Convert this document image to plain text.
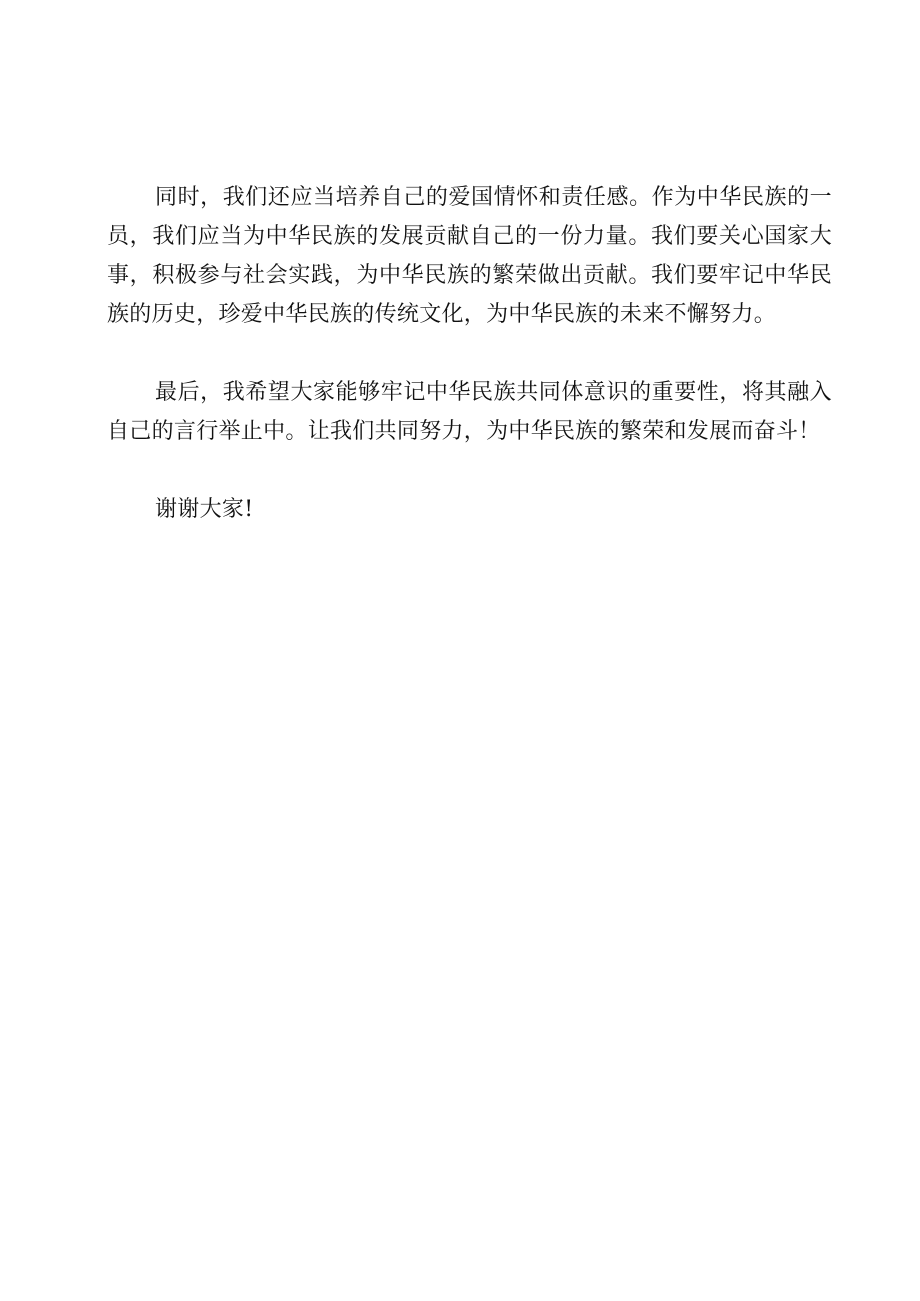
同时，我们还应当培养自己的爱国情怀和责任感。作为中华民族的一员，我们应当为中华民族的发展贡献自己的一份力量。我们要关心国家大事，积极参与社会实践，为中华民族的繁荣做出贡献。我们要牢记中华民族的历史，珍爱中华民族的传统文化，为中华民族的未来不懈努力。

最后，我希望大家能够牢记中华民族共同体意识的重要性，将其融入自己的言行举止中。让我们共同努力，为中华民族的繁荣和发展而奋斗！

谢谢大家!
